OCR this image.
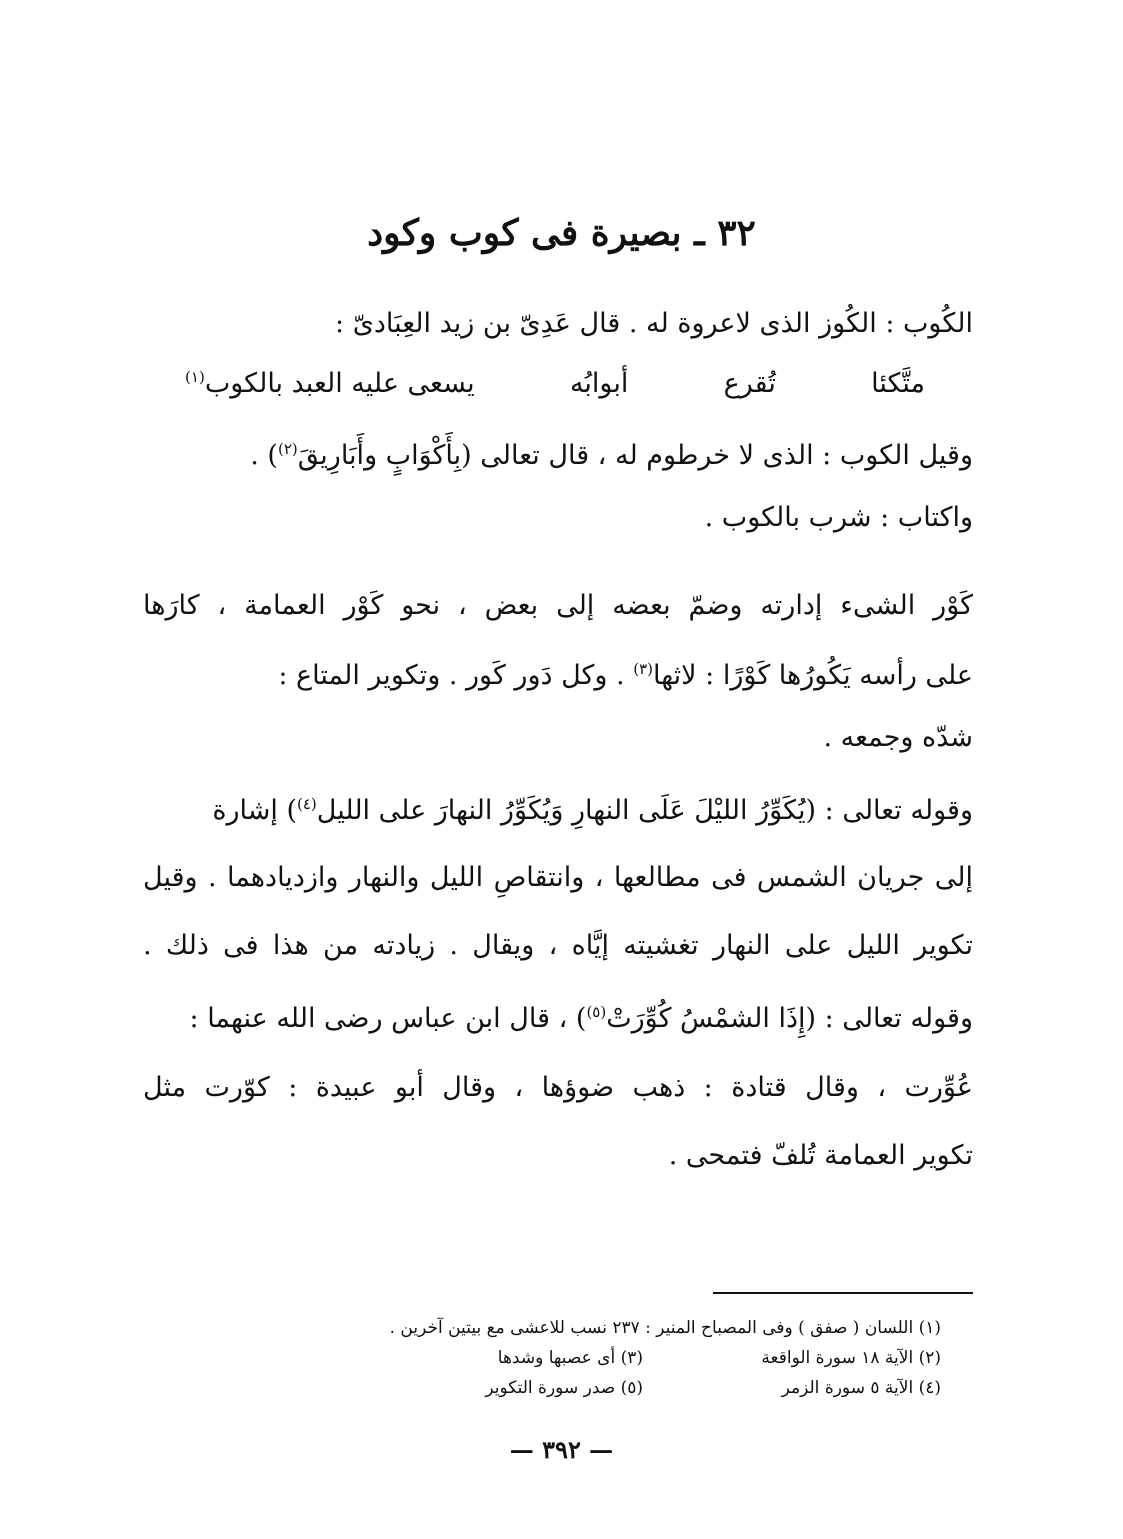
٣٢ ـ بصيرة فى كوب وكود
الكُوب : الكُوز الذى لاعروة له . قال عَدِىّ بن زيد العِبَادىّ :
متَّكئا
تُقرع
أبوابُه
يسعى عليه العبد بالكوب$^{(١)}$
وقيل الكوب : الذى لا خرطوم له ، قال تعالى (بِأَكْوَابٍ وأَبَارِيقَ$^{(٢)}$) .
واكتاب : شرب بالكوب .
كَوْر الشىء إدارته وضمّ بعضه إلى بعض ، نحو كَوْر العمامة ، كارَها
على رأسه يَكُورُها كَوْرًا : لاثها$^{(٣)}$ . وكل دَور كَور . وتكوير المتاع :
شدّه وجمعه .
وقوله تعالى : (يُكَوِّرُ الليْلَ عَلَى النهارِ وَيُكَوِّرُ النهارَ على الليل$^{(٤)}$) إشارة
إلى جريان الشمس فى مطالعها ، وانتقاصِ الليل والنهار وازديادهما . وقيل
تكوير الليل على النهار تغشيته إيَّاه ، ويقال . زيادته من هذا فى ذلك .
وقوله تعالى : (إِذَا الشمْسُ كُوِّرَتْ$^{(٥)}$) ، قال ابن عباس رضى الله عنهما :
عُوِّرت ، وقال قتادة : ذهب ضوؤها ، وقال أبو عبيدة : كوّرت مثل
تكوير العمامة تُلفّ فتمحى .
(١) اللسان ( صفق ) وفى المصباح المنير : ٢٣٧ نسب للاعشى مع بيتين آخرين .
(٢) الآية ١٨ سورة الواقعة
(٣) أى عصبها وشدها
(٤) الآية ٥ سورة الزمر
(٥) صدر سورة التكوير
— ٣٩٢ —
